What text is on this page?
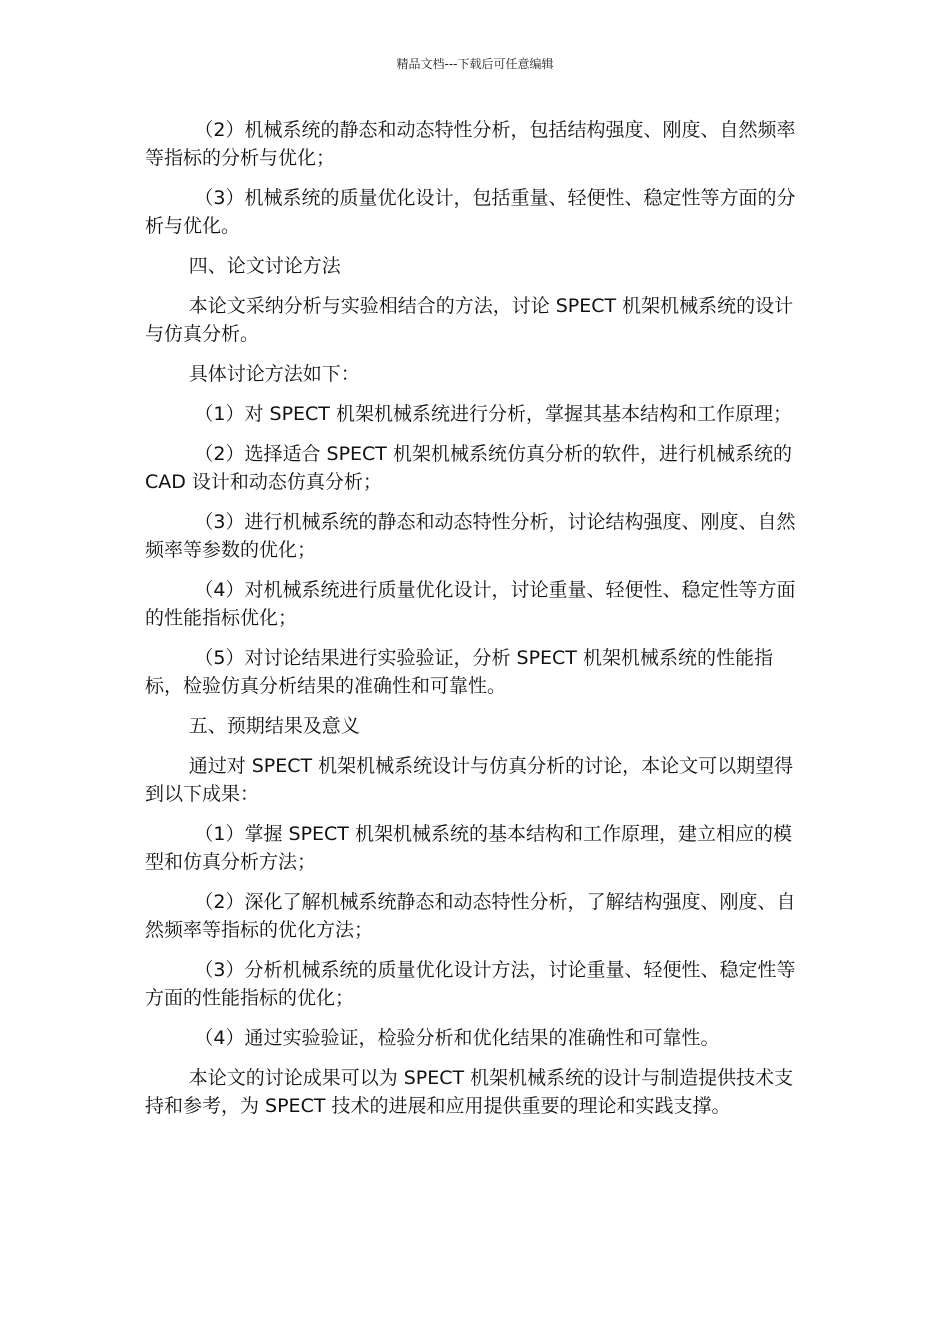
精品文档---下载后可任意编辑

（2）机械系统的静态和动态特性分析，包括结构强度、刚度、自然频率等指标的分析与优化；

（3）机械系统的质量优化设计，包括重量、轻便性、稳定性等方面的分析与优化。

四、论文讨论方法

本论文采纳分析与实验相结合的方法，讨论 SPECT 机架机械系统的设计与仿真分析。

具体讨论方法如下：

（1）对 SPECT 机架机械系统进行分析，掌握其基本结构和工作原理；

（2）选择适合 SPECT 机架机械系统仿真分析的软件，进行机械系统的 CAD 设计和动态仿真分析；

（3）进行机械系统的静态和动态特性分析，讨论结构强度、刚度、自然频率等参数的优化；

（4）对机械系统进行质量优化设计，讨论重量、轻便性、稳定性等方面的性能指标优化；

（5）对讨论结果进行实验验证，分析 SPECT 机架机械系统的性能指标，检验仿真分析结果的准确性和可靠性。

五、预期结果及意义

通过对 SPECT 机架机械系统设计与仿真分析的讨论，本论文可以期望得到以下成果：

（1）掌握 SPECT 机架机械系统的基本结构和工作原理，建立相应的模型和仿真分析方法；

（2）深化了解机械系统静态和动态特性分析，了解结构强度、刚度、自然频率等指标的优化方法；

（3）分析机械系统的质量优化设计方法，讨论重量、轻便性、稳定性等方面的性能指标的优化；

（4）通过实验验证，检验分析和优化结果的准确性和可靠性。

本论文的讨论成果可以为 SPECT 机架机械系统的设计与制造提供技术支持和参考，为 SPECT 技术的进展和应用提供重要的理论和实践支撑。
